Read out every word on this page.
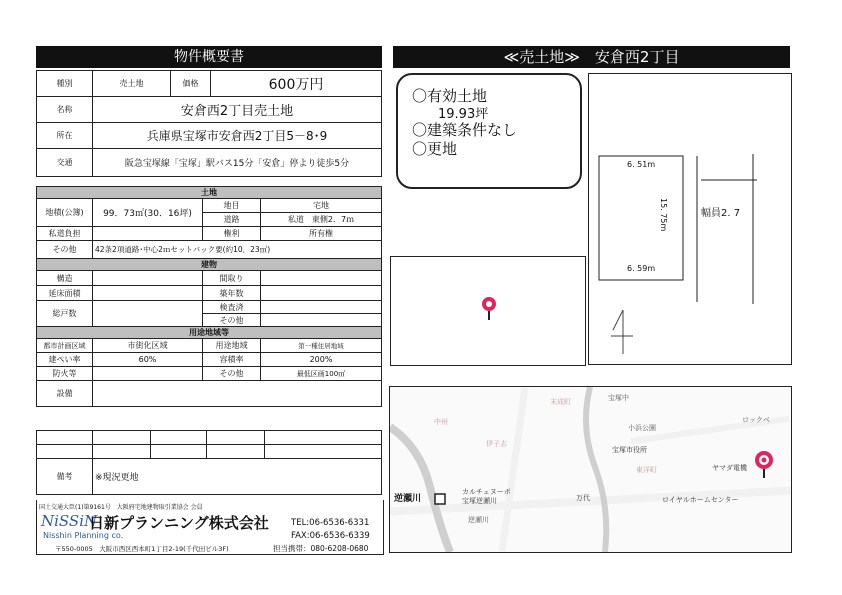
物件概要書
種別	売土地	価格	600万円
名称	安倉西2丁目売土地		
所在	兵庫県宝塚市安倉西2丁目5－8･9		
交通	阪急宝塚線「宝塚」駅バス15分「安倉」停より徒歩5分		
土地			
地積(公簿)	99．73㎡(30．16坪)	地目	宅地
		道路	私道　東側2．7ｍ
私道負担		権利	所有権
その他	42条2項道路･中心2ｍセットバック要(約10．23㎡)		
建物			
構造		間取り	
延床面積		築年数	
総戸数		検査済	
		その他	
用途地域等			
都市計画区域	市街化区域	用途地域	第一種住居地域
建ぺい率	60%	容積率	200%
防火等		その他	最低区画100㎡
設備			

備考	※現況更地			
国土交通大臣(1)第9161号　大阪府宅地建物取引業協会 会員
NiSSiN
日新プランニング株式会社
Nisshin Planning co.
〒550-0005　大阪市西区西本町1丁目2-19(千代田ビル3F)
TEL:06-6536-6331
FAX:06-6536-6339
担当携帯：080-6208-0680
≪売土地≫　安倉西2丁目
〇有効土地
19.93坪
〇建築条件なし
〇更地
6. 51m
15. 75m
6. 59m
幅員2. 7
宝塚中
小浜公園
ロックベ
宝塚市役所
ヤマダ電機
逆瀬川
カルチェヌーボ
宝塚逆瀬川	万代	ロイヤルホームセンター
逆瀬川
伊子志
東洋町
中州
末成町
